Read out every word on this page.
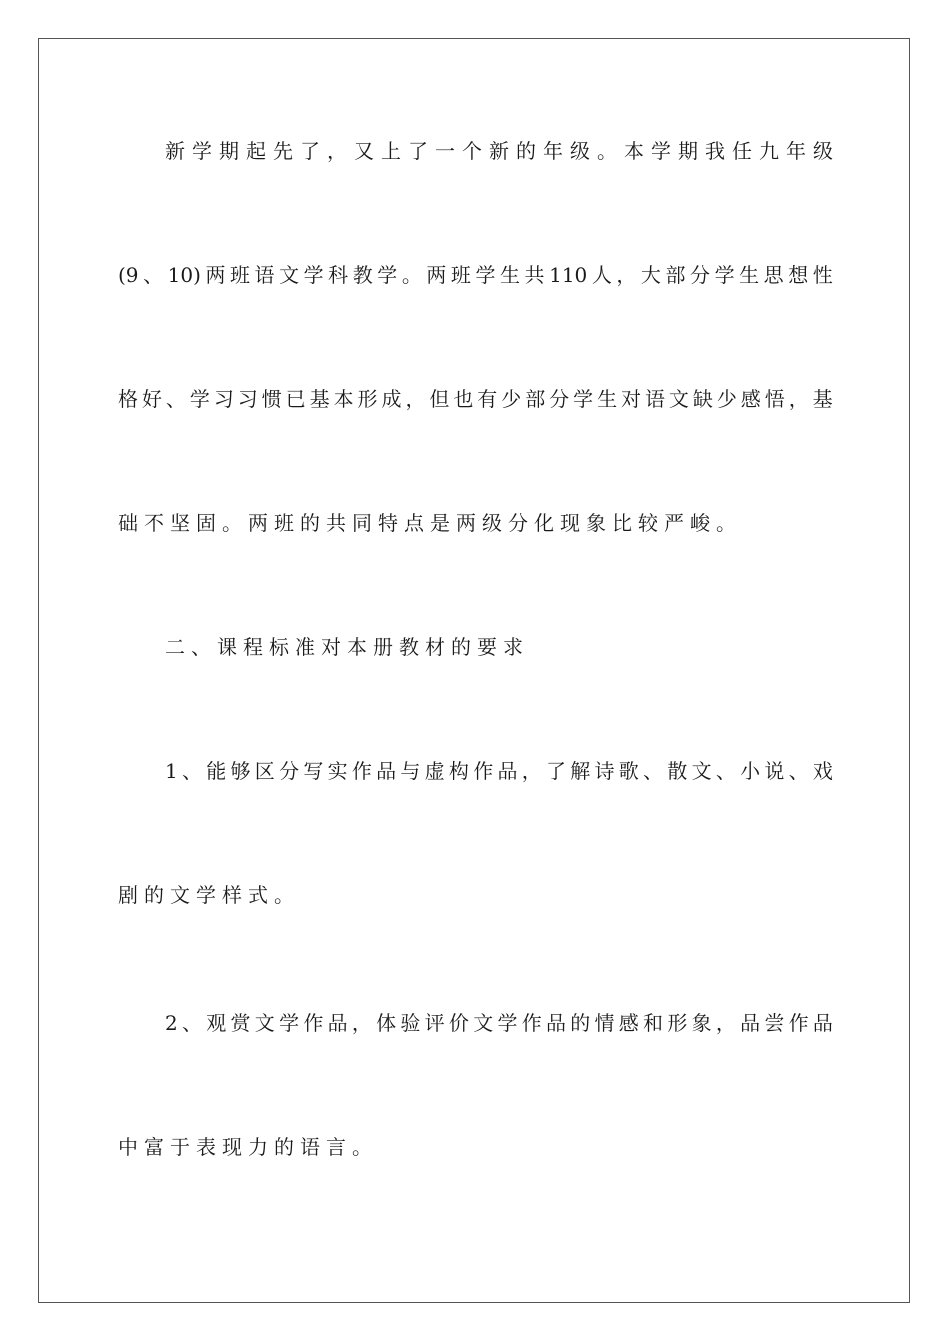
新 学 期 起 先 了 ， 又 上 了 一 个 新 的 年 级 。 本 学 期 我 任 九 年 级
(9 、 10) 两 班 语 文 学 科 教 学 。 两 班 学 生 共 110 人 ， 大 部 分 学 生 思 想 性
格 好 、 学 习 习 惯 已 基 本 形 成 ， 但 也 有 少 部 分 学 生 对 语 文 缺 少 感 悟 ， 基
础不坚固。两班的共同特点是两级分化现象比较严峻。
二、课程标准对本册教材的要求
1 、 能 够 区 分 写 实 作 品 与 虚 构 作 品 ， 了 解 诗 歌 、 散 文 、 小 说 、 戏
剧的文学样式。
2 、 观 赏 文 学 作 品 ， 体 验 评 价 文 学 作 品 的 情 感 和 形 象 ， 品 尝 作 品
中富于表现力的语言。
